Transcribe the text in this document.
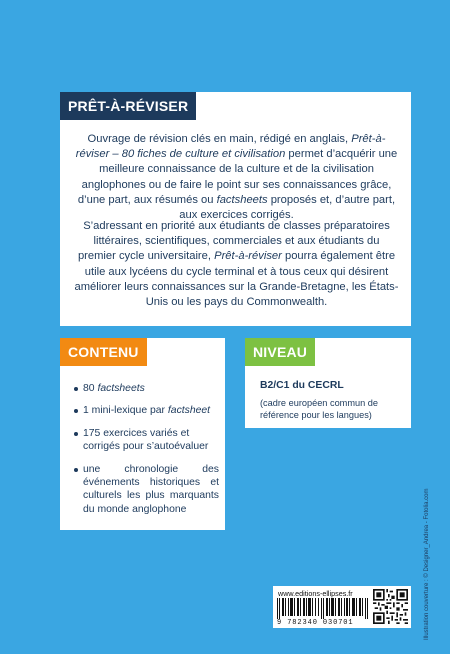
Ouvrage de révision clés en main, rédigé en anglais, Prêt-à-réviser – 80 fiches de culture et civilisation permet d’acquérir une meilleure connaissance de la culture et de la civilisation anglophones ou de faire le point sur ses connaissances grâce, d’une part, aux résumés ou factsheets proposés et, d’autre part, aux exercices corrigés.

S’adressant en priorité aux étudiants de classes préparatoires littéraires, scientifiques, commerciales et aux étudiants du premier cycle universitaire, Prêt-à-réviser pourra également être utile aux lycéens du cycle terminal et à tous ceux qui désirent améliorer leurs connaissances sur la Grande-Bretagne, les États-Unis ou les pays du Commonwealth.

PRÊT-À-RÉVISER
80 factsheets
1 mini-lexique par factsheet
175 exercices variés et corrigés pour s’autoévaluer
une chronologie des événements historiques et culturels les plus marquants du monde anglophone
CONTENU
B2/C1 du CECRL
(cadre européen commun de référence pour les langues)
NIVEAU
Illustration couverture : © Designer_Andrea - Fotolia.com
www.editions-ellipses.fr
9 782340 030701
